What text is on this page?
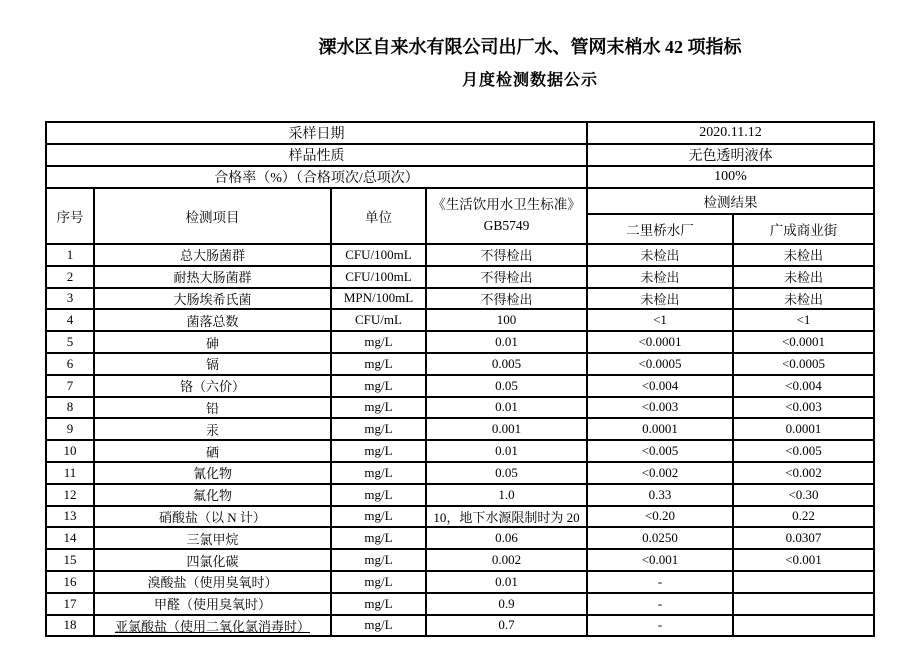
溧水区自来水有限公司出厂水、管网末梢水 42 项指标
月度检测数据公示
采样日期				2020.11.12	
样品性质				无色透明液体	
合格率（%）（合格项次/总项次）				100%	
序号	检测项目	单位	《生活饮用水卫生标准》
GB5749	检测结果	
				二里桥水厂	广成商业街
1	总大肠菌群	CFU/100mL	不得检出	未检出	未检出
2	耐热大肠菌群	CFU/100mL	不得检出	未检出	未检出
3	大肠埃希氏菌	MPN/100mL	不得检出	未检出	未检出
4	菌落总数	CFU/mL	100	<1	<1
5	砷	mg/L	0.01	<0.0001	<0.0001
6	镉	mg/L	0.005	<0.0005	<0.0005
7	铬（六价）	mg/L	0.05	<0.004	<0.004
8	铅	mg/L	0.01	<0.003	<0.003
9	汞	mg/L	0.001	0.0001	0.0001
10	硒	mg/L	0.01	<0.005	<0.005
11	氰化物	mg/L	0.05	<0.002	<0.002
12	氟化物	mg/L	1.0	0.33	<0.30
13	硝酸盐（以 N 计）	mg/L	10，地下水源限制时为 20	<0.20	0.22
14	三氯甲烷	mg/L	0.06	0.0250	0.0307
15	四氯化碳	mg/L	0.002	<0.001	<0.001
16	溴酸盐（使用臭氧时）	mg/L	0.01	-	
17	甲醛（使用臭氧时）	mg/L	0.9	-	
18	亚氯酸盐（使用二氧化氯消毒时）	mg/L	0.7	-	
